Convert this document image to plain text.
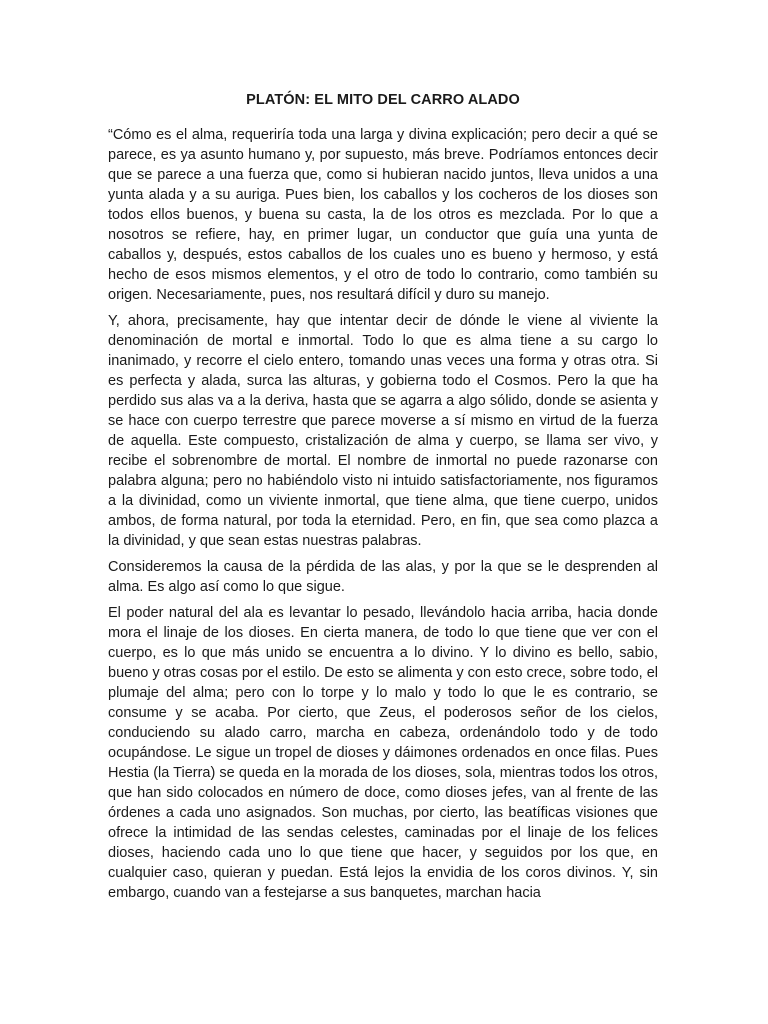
PLATÓN: EL MITO DEL CARRO ALADO

“Cómo es el alma, requeriría toda una larga y divina explicación; pero decir a qué se parece, es ya asunto humano y, por supuesto, más breve. Podríamos entonces decir que se parece a una fuerza que, como si hubieran nacido juntos, lleva unidos a una yunta alada y a su auriga. Pues bien, los caballos y los cocheros de los dioses son todos ellos buenos, y buena su casta, la de los otros es mezclada. Por lo que a nosotros se refiere, hay, en primer lugar, un conductor que guía una yunta de caballos y, después, estos caballos de los cuales uno es bueno y hermoso, y está hecho de esos mismos elementos, y el otro de todo lo contrario, como también su origen. Necesariamente, pues, nos resultará difícil y duro su manejo.

Y, ahora, precisamente, hay que intentar decir de dónde le viene al viviente la denominación de mortal e inmortal. Todo lo que es alma tiene a su cargo lo inanimado, y recorre el cielo entero, tomando unas veces una forma y otras otra. Si es perfecta y alada, surca las alturas, y gobierna todo el Cosmos. Pero la que ha perdido sus alas va a la deriva, hasta que se agarra a algo sólido, donde se asienta y se hace con cuerpo terrestre que parece moverse a sí mismo en virtud de la fuerza de aquella. Este compuesto, cristalización de alma y cuerpo, se llama ser vivo, y recibe el sobrenombre de mortal. El nombre de inmortal no puede razonarse con palabra alguna; pero no habiéndolo visto ni intuido satisfactoriamente, nos figuramos a la divinidad, como un viviente inmortal, que tiene alma, que tiene cuerpo, unidos ambos, de forma natural, por toda la eternidad. Pero, en fin, que sea como plazca a la divinidad, y que sean estas nuestras palabras.

Consideremos la causa de la pérdida de las alas, y por la que se le desprenden al alma. Es algo así como lo que sigue.

El poder natural del ala es levantar lo pesado, llevándolo hacia arriba, hacia donde mora el linaje de los dioses. En cierta manera, de todo lo que tiene que ver con el cuerpo, es lo que más unido se encuentra a lo divino. Y lo divino es bello, sabio, bueno y otras cosas por el estilo. De esto se alimenta y con esto crece, sobre todo, el plumaje del alma; pero con lo torpe y lo malo y todo lo que le es contrario, se consume y se acaba. Por cierto, que Zeus, el poderosos señor de los cielos, conduciendo su alado carro, marcha en cabeza, ordenándolo todo y de todo ocupándose. Le sigue un tropel de dioses y dáimones ordenados en once filas. Pues Hestia (la Tierra) se queda en la morada de los dioses, sola, mientras todos los otros, que han sido colocados en número de doce, como dioses jefes, van al frente de las órdenes a cada uno asignados. Son muchas, por cierto, las beatíficas visiones que ofrece la intimidad de las sendas celestes, caminadas por el linaje de los felices dioses, haciendo cada uno lo que tiene que hacer, y seguidos por los que, en cualquier caso, quieran y puedan. Está lejos la envidia de los coros divinos. Y, sin embargo, cuando van a festejarse a sus banquetes, marchan hacia
